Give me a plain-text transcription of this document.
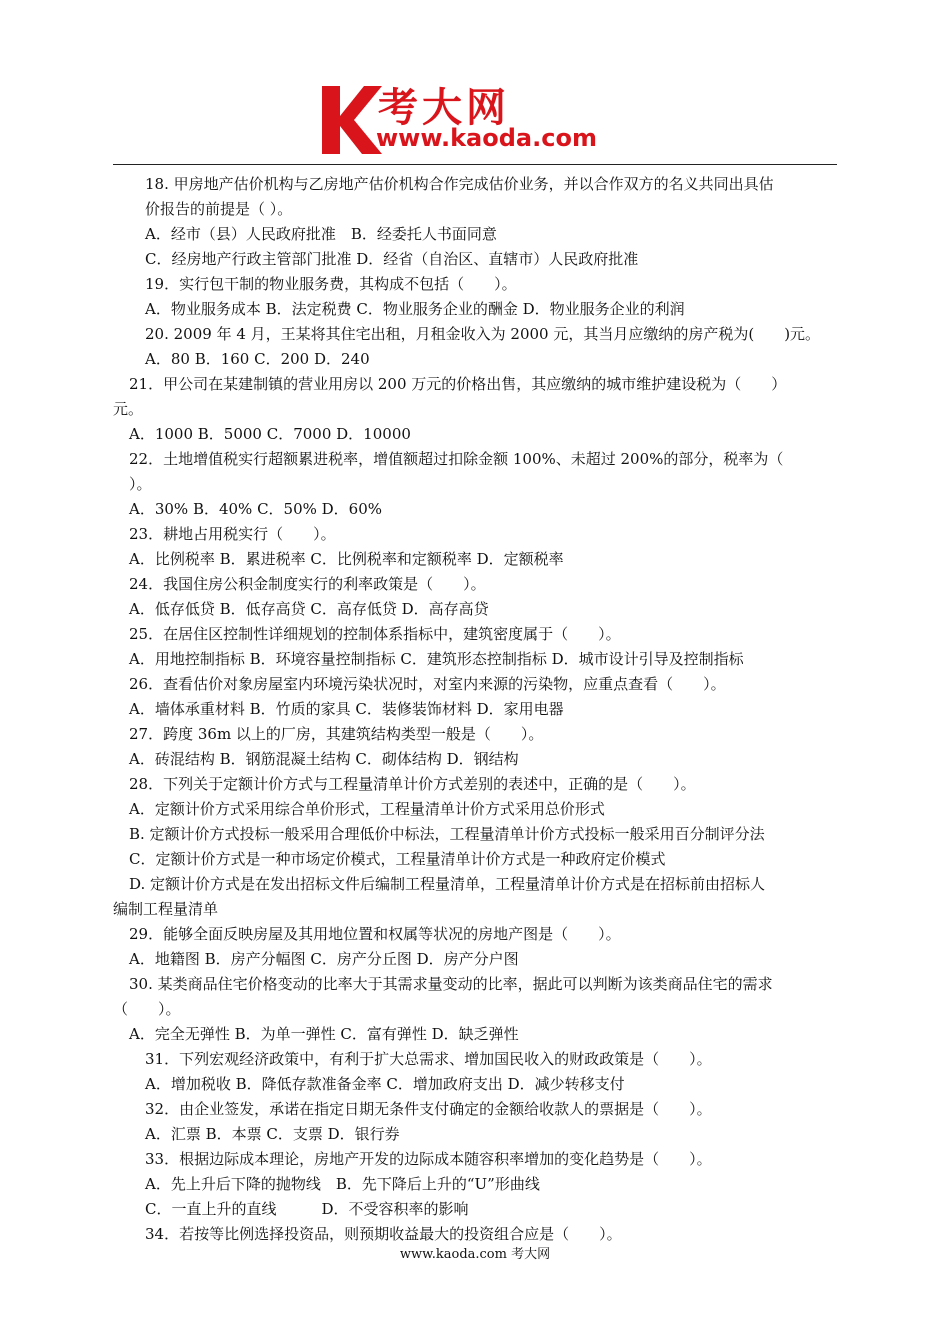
考大网
www.kaoda.com
18. 甲房地产估价机构与乙房地产估价机构合作完成估价业务，并以合作双方的名义共同出具估
价报告的前提是（ ）。
A．经市（县）人民政府批准　B．经委托人书面同意
C．经房地产行政主管部门批准 D．经省（自治区、直辖市）人民政府批准
19．实行包干制的物业服务费，其构成不包括（　　）。
A．物业服务成本 B．法定税费 C．物业服务企业的酬金 D．物业服务企业的利润
20. 2009 年 4 月，王某将其住宅出租，月租金收入为 2000 元，其当月应缴纳的房产税为(　　)元。
A．80 B．160 C．200 D．240
21．甲公司在某建制镇的营业用房以 200 万元的价格出售，其应缴纳的城市维护建设税为（　　）
元。
A．1000 B．5000 C．7000 D．10000
22．土地增值税实行超额累进税率，增值额超过扣除金额 100%、未超过 200%的部分，税率为（
）。
A．30% B．40% C．50% D．60%
23．耕地占用税实行（　　）。
A．比例税率 B．累进税率 C．比例税率和定额税率 D．定额税率
24．我国住房公积金制度实行的利率政策是（　　）。
A．低存低贷 B．低存高贷 C．高存低贷 D．高存高贷
25．在居住区控制性详细规划的控制体系指标中，建筑密度属于（　　）。
A．用地控制指标 B．环境容量控制指标 C．建筑形态控制指标 D．城市设计引导及控制指标
26．查看估价对象房屋室内环境污染状况时，对室内来源的污染物，应重点查看（　　）。
A．墙体承重材料 B．竹质的家具 C．装修装饰材料 D．家用电器
27．跨度 36m 以上的厂房，其建筑结构类型一般是（　　）。
A．砖混结构 B．钢筋混凝土结构 C．砌体结构 D．钢结构
28．下列关于定额计价方式与工程量清单计价方式差别的表述中，正确的是（　　）。
A．定额计价方式采用综合单价形式，工程量清单计价方式采用总价形式
B. 定额计价方式投标一般采用合理低价中标法，工程量清单计价方式投标一般采用百分制评分法
C．定额计价方式是一种市场定价模式，工程量清单计价方式是一种政府定价模式
D. 定额计价方式是在发出招标文件后编制工程量清单，工程量清单计价方式是在招标前由招标人
编制工程量清单
29．能够全面反映房屋及其用地位置和权属等状况的房地产图是（　　）。
A．地籍图 B．房产分幅图 C．房产分丘图 D．房产分户图
30. 某类商品住宅价格变动的比率大于其需求量变动的比率，据此可以判断为该类商品住宅的需求
（　　）。
A．完全无弹性 B．为单一弹性 C．富有弹性 D．缺乏弹性
31．下列宏观经济政策中，有利于扩大总需求、增加国民收入的财政政策是（　　）。
A．增加税收 B．降低存款准备金率 C．增加政府支出 D．减少转移支付
32．由企业签发，承诺在指定日期无条件支付确定的金额给收款人的票据是（　　）。
A．汇票 B．本票 C．支票 D．银行券
33．根据边际成本理论，房地产开发的边际成本随容积率增加的变化趋势是（　　）。
A．先上升后下降的抛物线　B．先下降后上升的“U”形曲线
C．一直上升的直线　　　D．不受容积率的影响
34．若按等比例选择投资品，则预期收益最大的投资组合应是（　　）。
www.kaoda.com 考大网
